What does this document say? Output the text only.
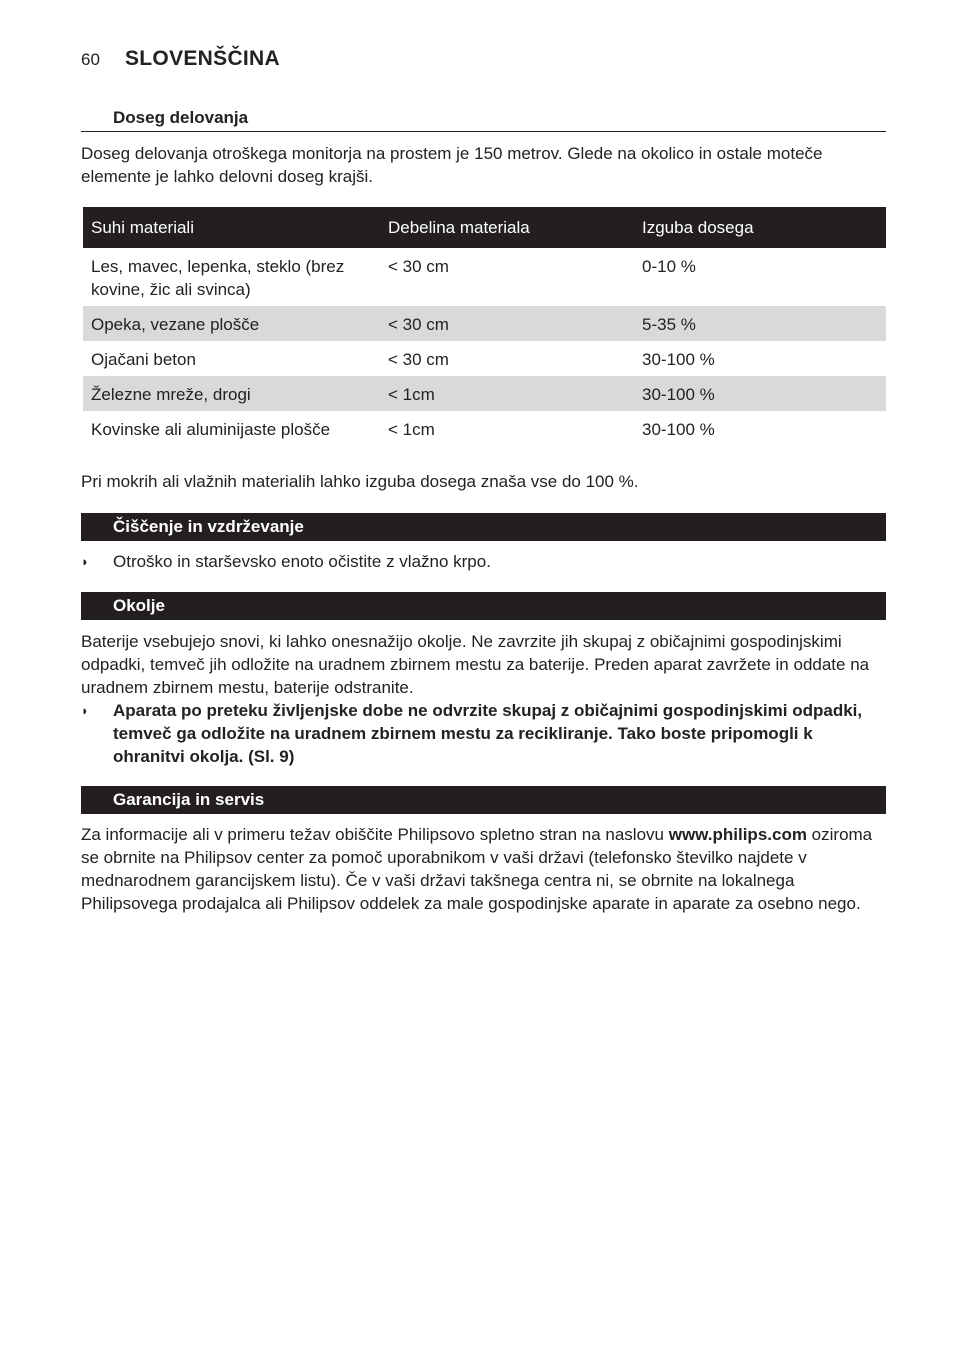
60 SLOVENŠČINA
Doseg delovanja
Doseg delovanja otroškega monitorja na prostem je 150 metrov. Glede na okolico in ostale moteče elemente je lahko delovni doseg krajši.
Suhi materiali	Debelina materiala	Izguba dosega
Les, mavec, lepenka, steklo (brez kovine, žic ali svinca)	< 30 cm	0-10 %
Opeka, vezane plošče	< 30 cm	5-35 %
Ojačani beton	< 30 cm	30-100 %
Železne mreže, drogi	< 1cm	30-100 %
Kovinske ali aluminijaste plošče	< 1cm	30-100 %
Pri mokrih ali vlažnih materialih lahko izguba dosega znaša vse do 100 %.
Čiščenje in vzdrževanje
◗ Otroško in starševsko enoto očistite z vlažno krpo.
Okolje
Baterije vsebujejo snovi, ki lahko onesnažijo okolje. Ne zavrzite jih skupaj z običajnimi gospodinjskimi odpadki, temveč jih odložite na uradnem zbirnem mestu za baterije. Preden aparat zavržete in oddate na uradnem zbirnem mestu, baterije odstranite.
◗ Aparata po preteku življenjske dobe ne odvrzite skupaj z običajnimi gospodinjskimi odpadki, temveč ga odložite na uradnem zbirnem mestu za recikliranje. Tako boste pripomogli k ohranitvi okolja. (Sl. 9)
Garancija in servis
Za informacije ali v primeru težav obiščite Philipsovo spletno stran na naslovu www.philips.com oziroma se obrnite na Philipsov center za pomoč uporabnikom v vaši državi (telefonsko številko najdete v mednarodnem garancijskem listu). Če v vaši državi takšnega centra ni, se obrnite na lokalnega Philipsovega prodajalca ali Philipsov oddelek za male gospodinjske aparate in aparate za osebno nego.
